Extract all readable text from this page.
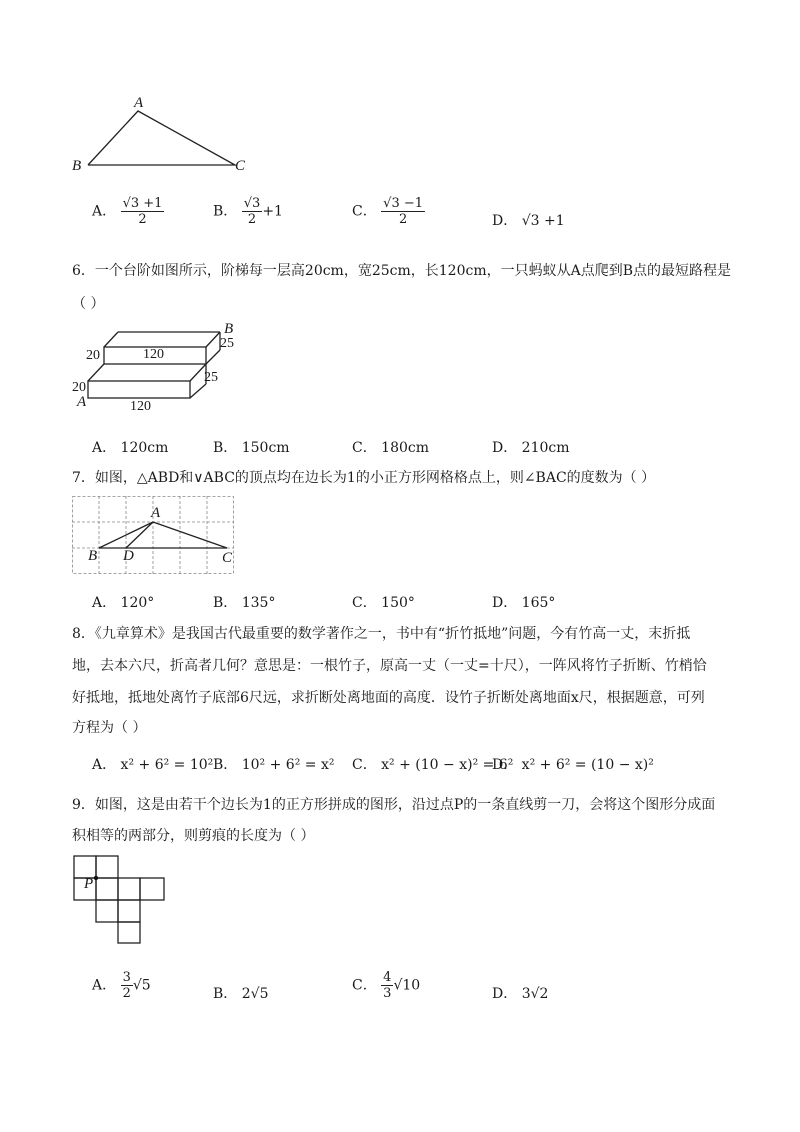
A
B	C
A． $\frac{√3 +1}{2}$	B． $\frac{√3}{2} +1$	C． $\frac{√3 -1}{2}$	D． √3 +1
6．一个台阶如图所示，阶梯每一层高20cm，宽25cm，长120cm，一只蚂蚁从A点爬到B点的最短路程是
（ ）
20
20
25
25
120
120
A
B
A． 120cm	B． 150cm	C． 180cm	D． 210cm
7．如图，△ABD和∨ABC的顶点均在边长为1的小正方形网格格点上，则∠BAC的度数为（ ）
A
B D	C
A． 120°	B． 135°	C． 150°	D． 165°
8．《九章算术》是我国古代最重要的数学著作之一，书中有“折竹抵地”问题，今有竹高一丈，末折抵
地，去本六尺，折高者几何？意思是：一根竹子，原高一丈（一丈=十尺），一阵风将竹子折断、竹梢恰
好抵地，抵地处离竹子底部6尺远，求折断处离地面的高度．设竹子折断处离地面x尺，根据题意，可列
方程为（ ）
A． x² + 6² = 10² B． 10² + 6² = x² C． x² + (10 − x)² = 6²
D． x² + 6² = (10 − x)²
9．如图，这是由若干个边长为1的正方形拼成的图形，沿过点P的一条直线剪一刀，会将这个图形分成面
积相等的两部分，则剪痕的长度为（ ）
P
A． $\frac{3}{2} √5$
B． 2√5
C． $\frac{4}{3} √10$
D． 3√2
